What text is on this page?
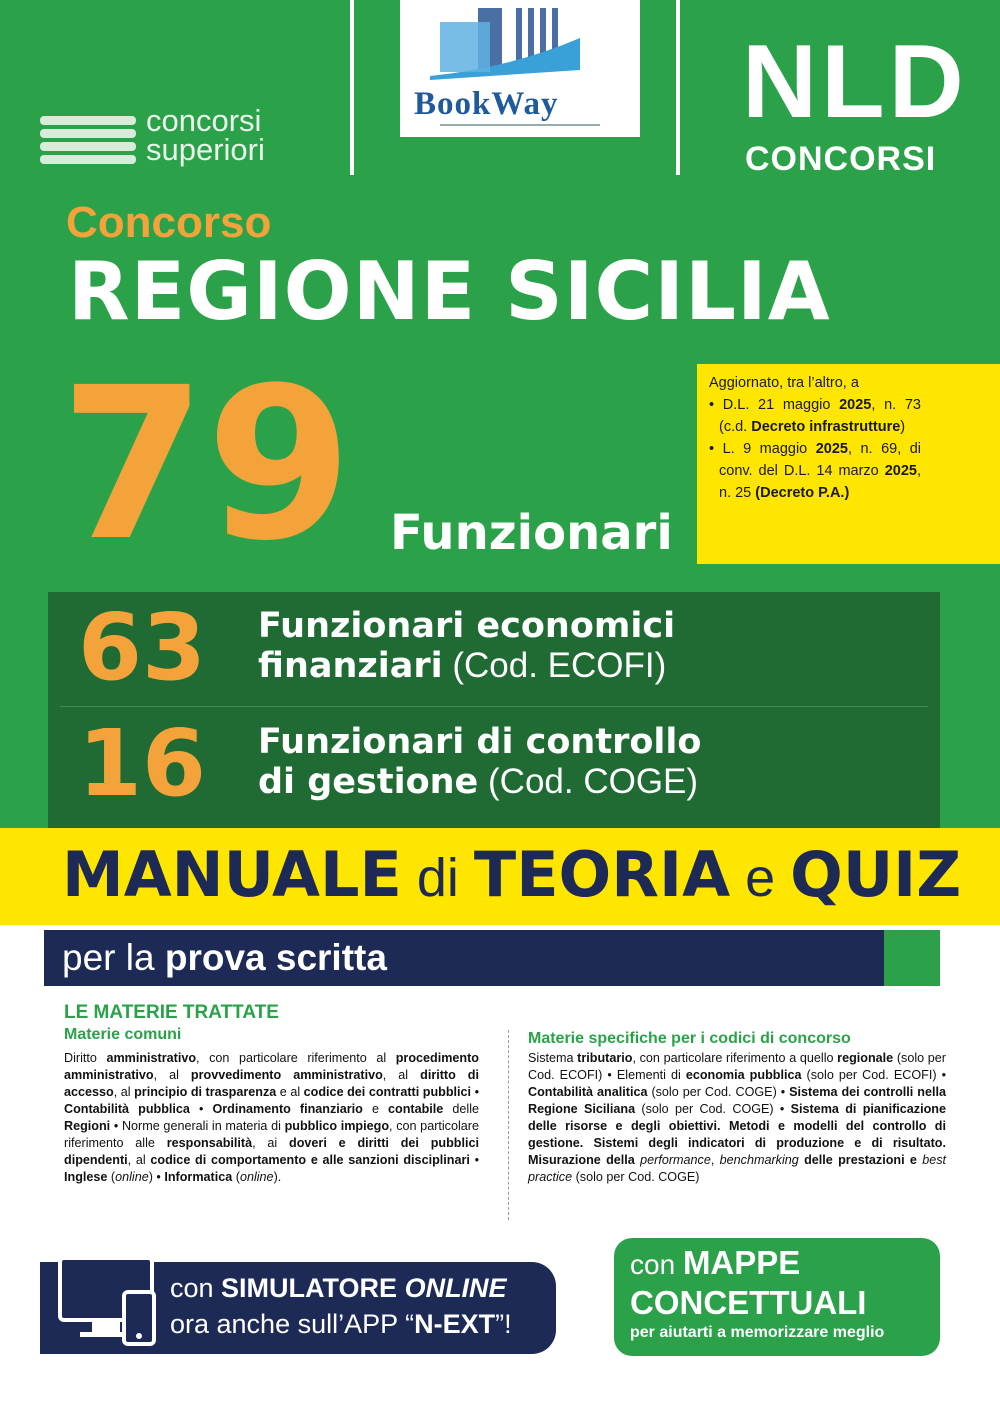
concorsi
superiori
BookWay	NLD
CONCORSI
Concorso
REGIONE SICILIA
79 Funzionari
Aggiornato, tra l’altro, a
• D.L. 21 maggio 2025, n. 73 (c.d. Decreto infrastrutture)
• L. 9 maggio 2025, n. 69, di conv. del D.L. 14 marzo 2025, n. 25 (Decreto P.A.)
63 Funzionari economici
finanziari (Cod. ECOFI)
16 Funzionari di controllo
di gestione (Cod. COGE)
MANUALE di TEORIA e QUIZ
per la prova scritta
LE MATERIE TRATTATE
Materie comuni
Diritto amministrativo, con particolare riferimento al procedimento amministrativo, al provvedimento amministrativo, al diritto di accesso, al principio di trasparenza e al codice dei contratti pubblici • Contabilità pubblica • Ordinamento finanziario e contabile delle Regioni • Norme generali in materia di pubblico impiego, con particolare riferimento alle responsabilità, ai doveri e diritti dei pubblici dipendenti, al codice di comportamento e alle sanzioni disciplinari • Inglese (online) • Informatica (online).
Materie specifiche per i codici di concorso
Sistema tributario, con particolare riferimento a quello regionale (solo per Cod. ECOFI) • Elementi di economia pubblica (solo per Cod. ECOFI) • Contabilità analitica (solo per Cod. COGE) • Sistema dei controlli nella Regione Siciliana (solo per Cod. COGE) • Sistema di pianificazione delle risorse e degli obiettivi. Metodi e modelli del controllo di gestione. Sistemi degli indicatori di produzione e di risultato. Misurazione della performance, benchmarking delle prestazioni e best practice (solo per Cod. COGE)
con SIMULATORE ONLINE
ora anche sull’APP “N-EXT”!
con MAPPE
CONCETTUALI
per aiutarti a memorizzare meglio
